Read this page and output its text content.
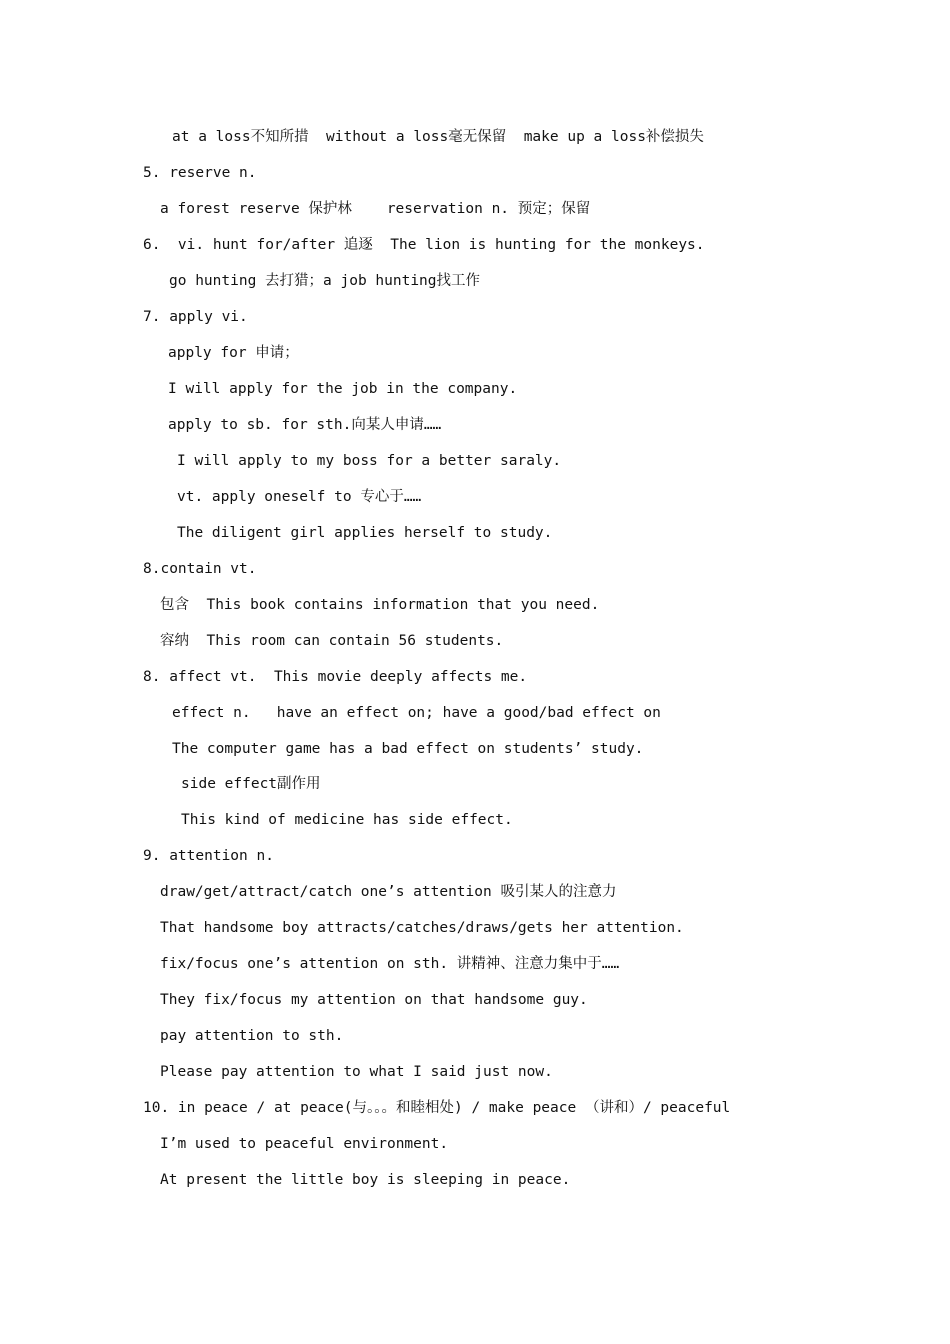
at a loss不知所措  without a loss毫无保留  make up a loss补偿损失
5. reserve n.
a forest reserve 保护林    reservation n. 预定；保留
6.  vi. hunt for/after 追逐  The lion is hunting for the monkeys.
go hunting 去打猎；a job hunting找工作
7. apply vi.
apply for 申请；
I will apply for the job in the company.
apply to sb. for sth.向某人申请……
I will apply to my boss for a better saraly.
vt. apply oneself to 专心于……
The diligent girl applies herself to study.
8.contain vt.
包含  This book contains information that you need.
容纳  This room can contain 56 students.
8. affect vt.  This movie deeply affects me.
effect n.   have an effect on; have a good/bad effect on
The computer game has a bad effect on students’ study.
side effect副作用
This kind of medicine has side effect.
9. attention n.
draw/get/attract/catch one’s attention 吸引某人的注意力
That handsome boy attracts/catches/draws/gets her attention.
fix/focus one’s attention on sth. 讲精神、注意力集中于……
They fix/focus my attention on that handsome guy.
pay attention to sth.
Please pay attention to what I said just now.
10. in peace / at peace(与。。。和睦相处) / make peace （讲和）/ peaceful
I’m used to peaceful environment.
At present the little boy is sleeping in peace.
